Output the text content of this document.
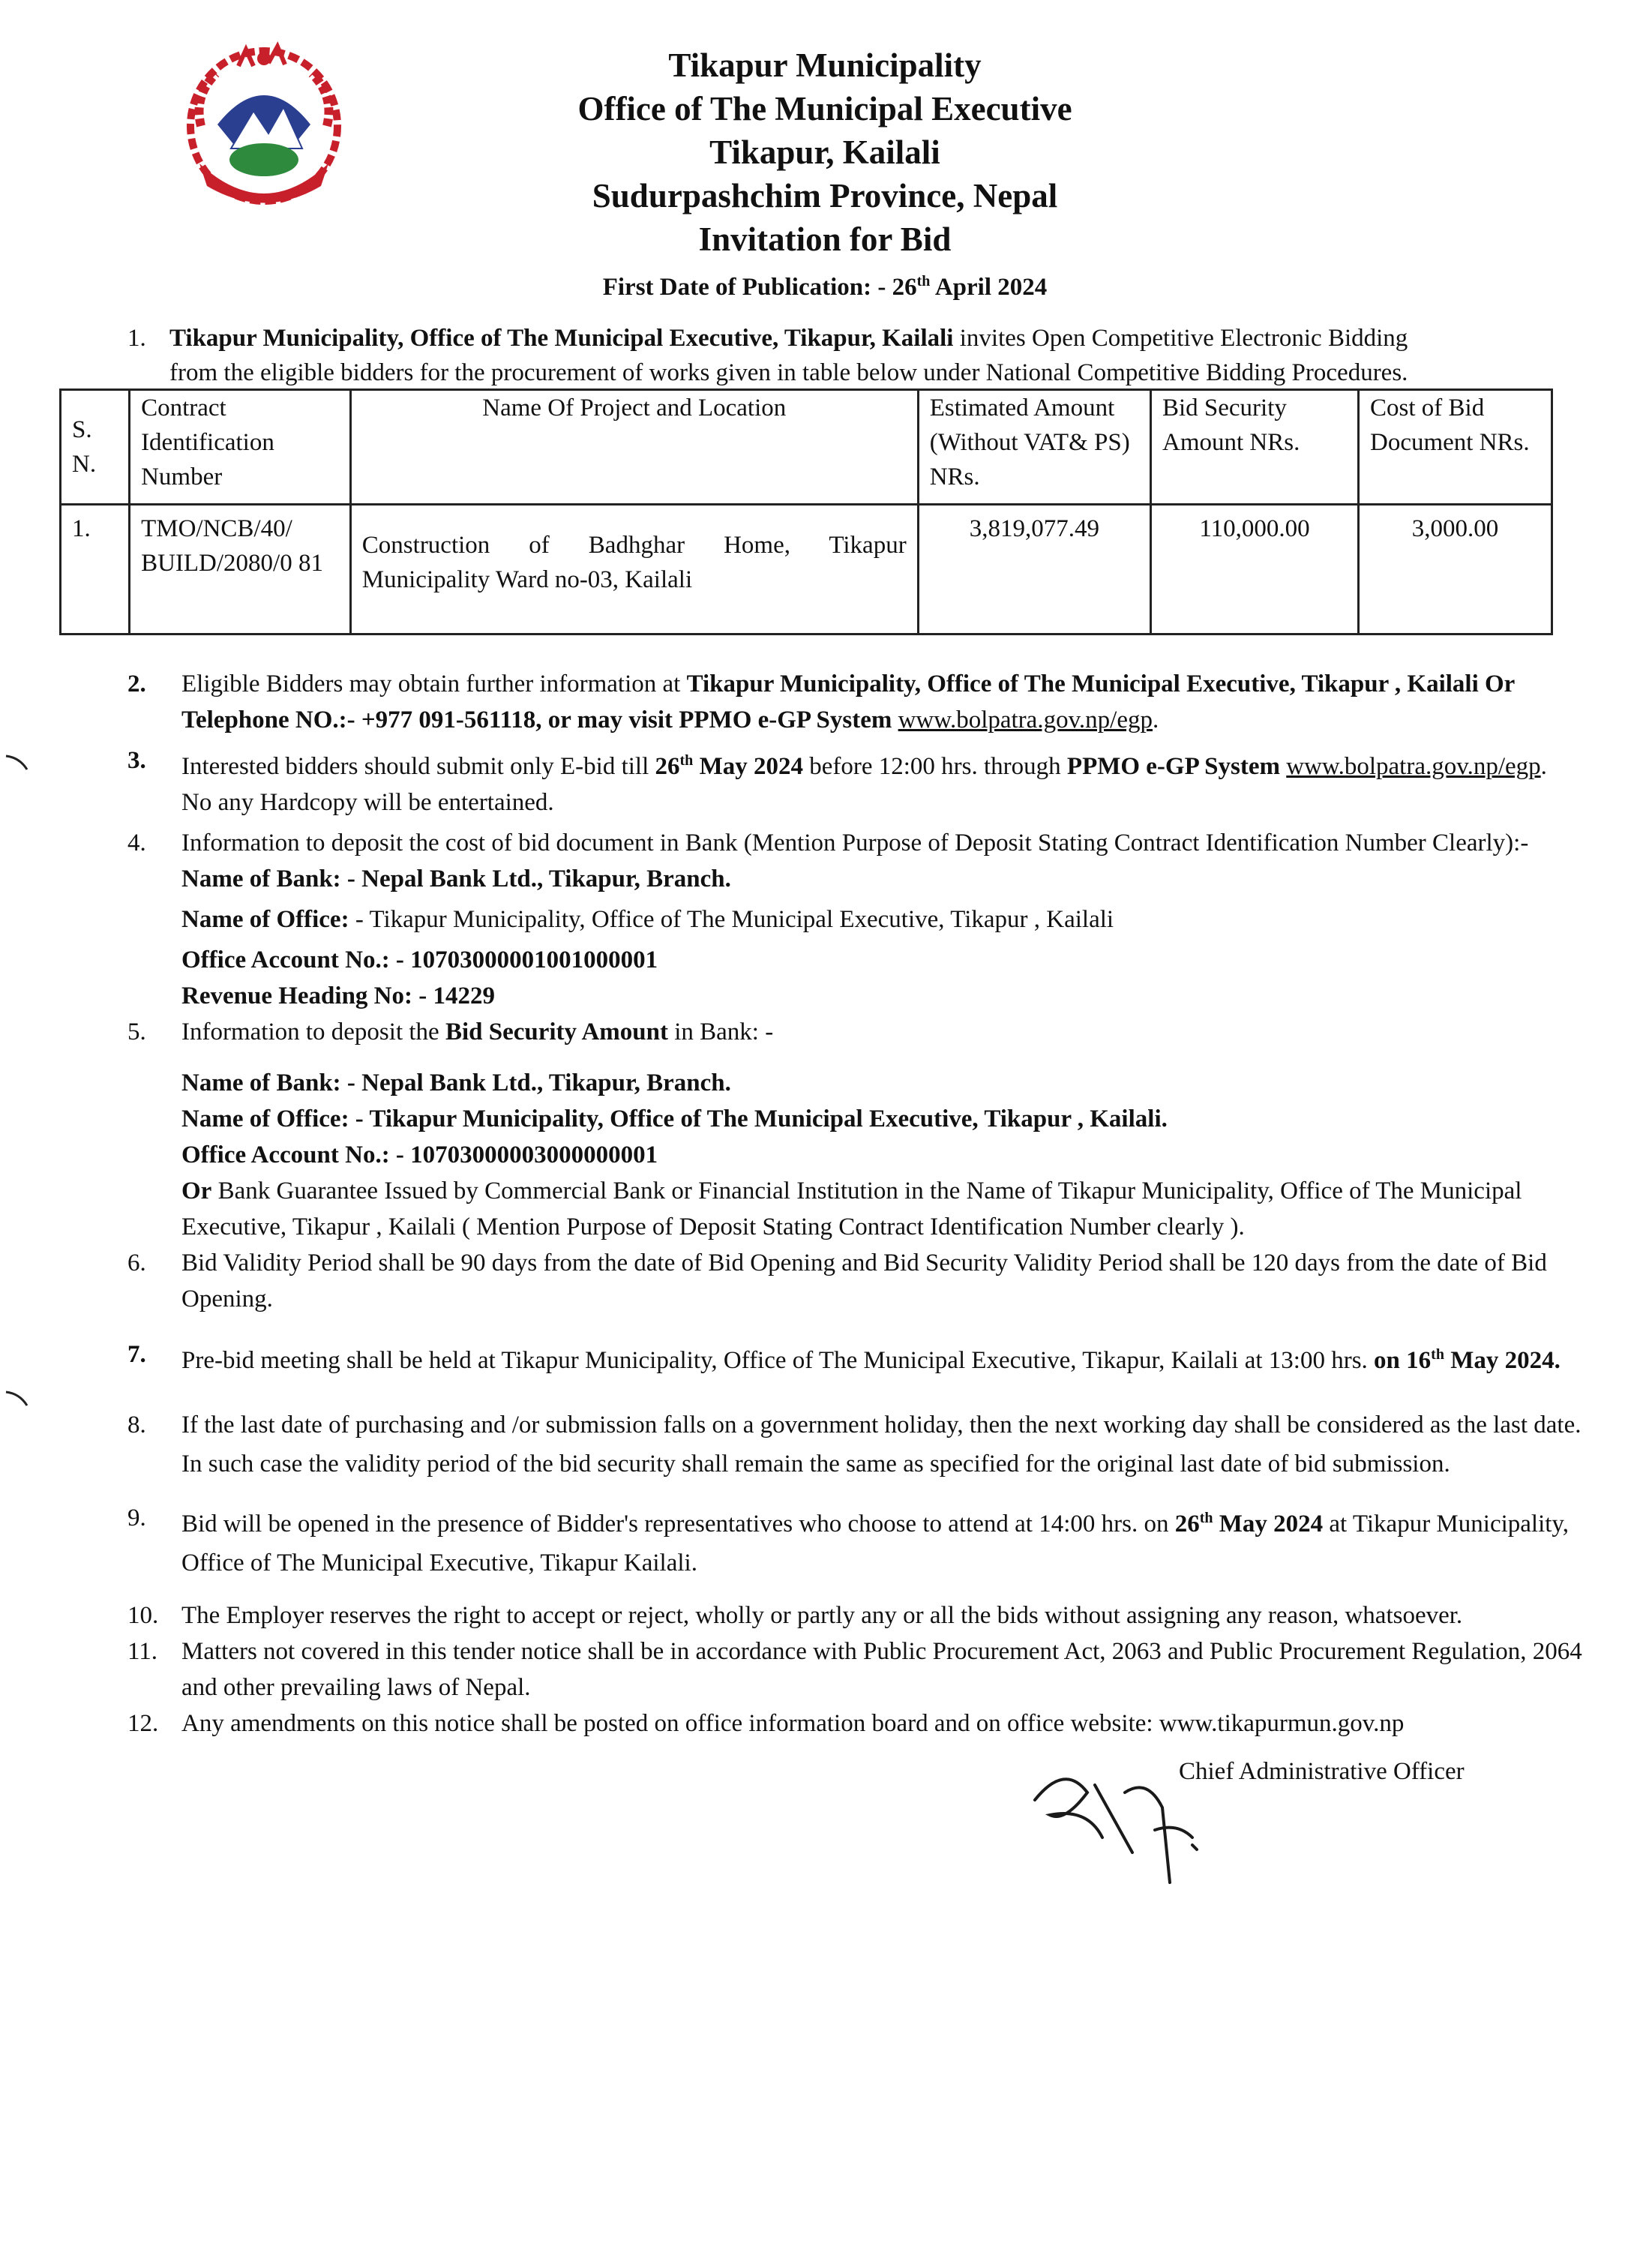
Tikapur Municipality
Office of The Municipal Executive
Tikapur, Kailali
Sudurpashchim Province, Nepal
Invitation for Bid
First Date of Publication: - 26th April 2024
1. Tikapur Municipality, Office of The Municipal Executive, Tikapur, Kailali invites Open Competitive Electronic Bidding
from the eligible bidders for the procurement of works given in table below under National Competitive Bidding Procedures.
S. N.	Contract Identification Number	Name Of Project and Location	Estimated Amount (Without VAT& PS) NRs.	Bid Security Amount NRs.	Cost of Bid Document NRs.
1.	TMO/NCB/40/ BUILD/2080/0 81	Construction of Badhghar Home, Tikapur Municipality Ward no-03, Kailali	3,819,077.49	110,000.00	3,000.00
2.	Eligible Bidders may obtain further information at Tikapur Municipality, Office of The Municipal Executive, Tikapur , Kailali Or Telephone NO.:- +977 091-561118, or may visit PPMO e-GP System www.bolpatra.gov.np/egp.

3.	Interested bidders should submit only E-bid till 26th May 2024 before 12:00 hrs. through PPMO e-GP System www.bolpatra.gov.np/egp. No any Hardcopy will be entertained.

4.	Information to deposit the cost of bid document in Bank (Mention Purpose of Deposit Stating Contract Identification Number Clearly):- Name of Bank: - Nepal Bank Ltd., Tikapur, Branch.

Name of Office: - Tikapur Municipality, Office of The Municipal Executive, Tikapur , Kailali

Office Account No.: - 10703000001001000001

Revenue Heading No: - 14229

5.	Information to deposit the Bid Security Amount in Bank: -

Name of Bank: - Nepal Bank Ltd., Tikapur, Branch.

Name of Office: - Tikapur Municipality, Office of The Municipal Executive, Tikapur , Kailali.

Office Account No.: - 10703000003000000001

Or Bank Guarantee Issued by Commercial Bank or Financial Institution in the Name of Tikapur Municipality, Office of The Municipal Executive, Tikapur , Kailali ( Mention Purpose of Deposit Stating Contract Identification Number clearly ).

6.	Bid Validity Period shall be 90 days from the date of Bid Opening and Bid Security Validity Period shall be 120 days from the date of Bid Opening.

7.	Pre-bid meeting shall be held at Tikapur Municipality, Office of The Municipal Executive, Tikapur, Kailali at 13:00 hrs. on 16th May 2024.

8.	If the last date of purchasing and /or submission falls on a government holiday, then the next working day shall be considered as the last date. In such case the validity period of the bid security shall remain the same as specified for the original last date of bid submission.

9.	Bid will be opened in the presence of Bidder's representatives who choose to attend at 14:00 hrs. on 26th May 2024 at Tikapur Municipality, Office of The Municipal Executive, Tikapur Kailali.

10. The Employer reserves the right to accept or reject, wholly or partly any or all the bids without assigning any reason, whatsoever.

11. Matters not covered in this tender notice shall be in accordance with Public Procurement Act, 2063 and Public Procurement Regulation, 2064 and other prevailing laws of Nepal.

12. Any amendments on this notice shall be posted on office information board and on office website: www.tikapurmun.gov.np

Chief Administrative Officer
